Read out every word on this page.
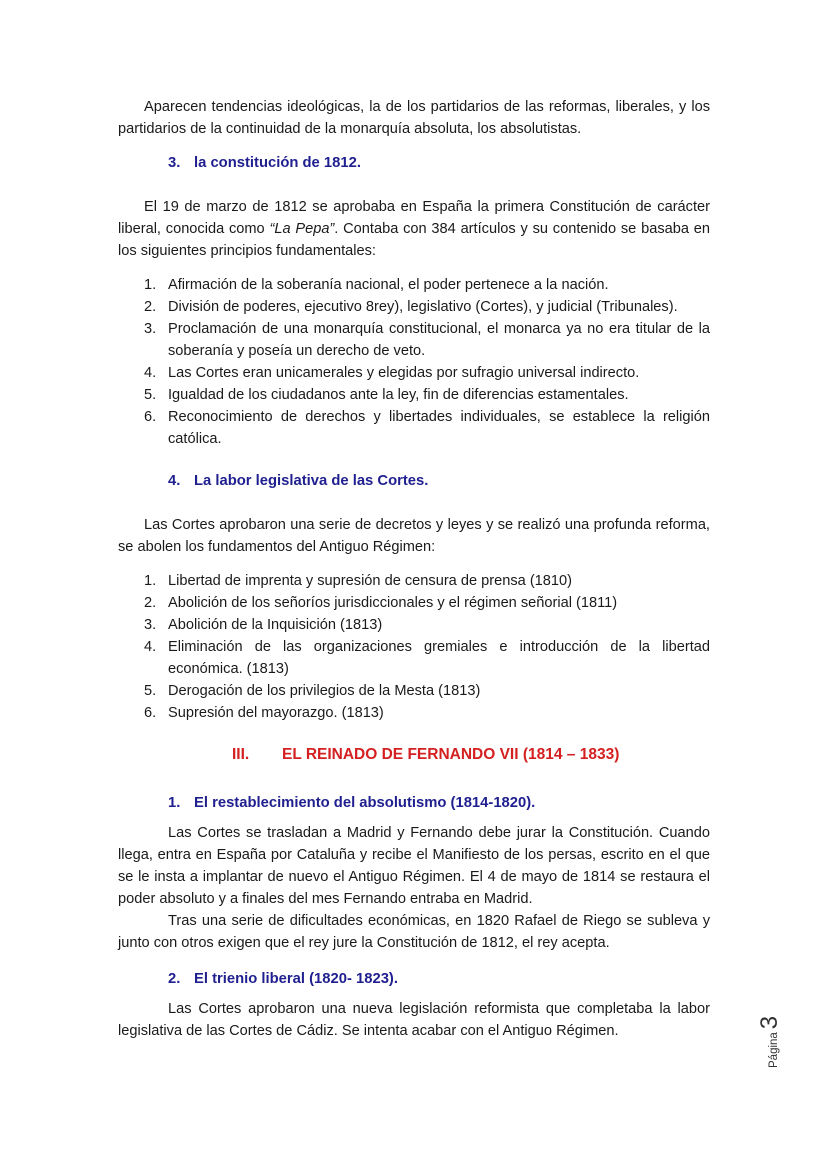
Aparecen tendencias ideológicas, la de los partidarios de las reformas, liberales, y los partidarios de la continuidad de la monarquía absoluta, los absolutistas.

3. la constitución de 1812.

El 19 de marzo de 1812 se aprobaba en España la primera Constitución de carácter liberal, conocida como “La Pepa”. Contaba con 384 artículos y su contenido se basaba en los siguientes principios fundamentales:

1. Afirmación de la soberanía nacional, el poder pertenece a la nación.
2. División de poderes, ejecutivo 8rey), legislativo (Cortes), y judicial (Tribunales).
3. Proclamación de una monarquía constitucional, el monarca ya no era titular de la soberanía y poseía un derecho de veto.
4. Las Cortes eran unicamerales y elegidas por sufragio universal indirecto.
5. Igualdad de los ciudadanos ante la ley, fin de diferencias estamentales.
6. Reconocimiento de derechos y libertades individuales, se establece la religión católica.
4. La labor legislativa de las Cortes.

Las Cortes aprobaron una serie de decretos y leyes y se realizó una profunda reforma, se abolen los fundamentos del Antiguo Régimen:

1. Libertad de imprenta y supresión de censura de prensa (1810)
2. Abolición de los señoríos jurisdiccionales y el régimen señorial (1811)
3. Abolición de la Inquisición (1813)
4. Eliminación de las organizaciones gremiales e introducción de la libertad económica. (1813)
5. Derogación de los privilegios de la Mesta (1813)
6. Supresión del mayorazgo. (1813)
III.	EL REINADO DE FERNANDO VII (1814 – 1833)
1. El restablecimiento del absolutismo (1814-1820).

Las Cortes se trasladan a Madrid y Fernando debe jurar la Constitución. Cuando llega, entra en España por Cataluña y recibe el Manifiesto de los persas, escrito en el que se le insta a implantar de nuevo el Antiguo Régimen. El 4 de mayo de 1814 se restaura el poder absoluto y a finales del mes Fernando entraba en Madrid.

Tras una serie de dificultades económicas, en 1820 Rafael de Riego se subleva y junto con otros exigen que el rey jure la Constitución de 1812, el rey acepta.

2. El trienio liberal (1820- 1823).

Las Cortes aprobaron una nueva legislación reformista que completaba la labor legislativa de las Cortes de Cádiz. Se intenta acabar con el Antiguo Régimen.

Página
3
